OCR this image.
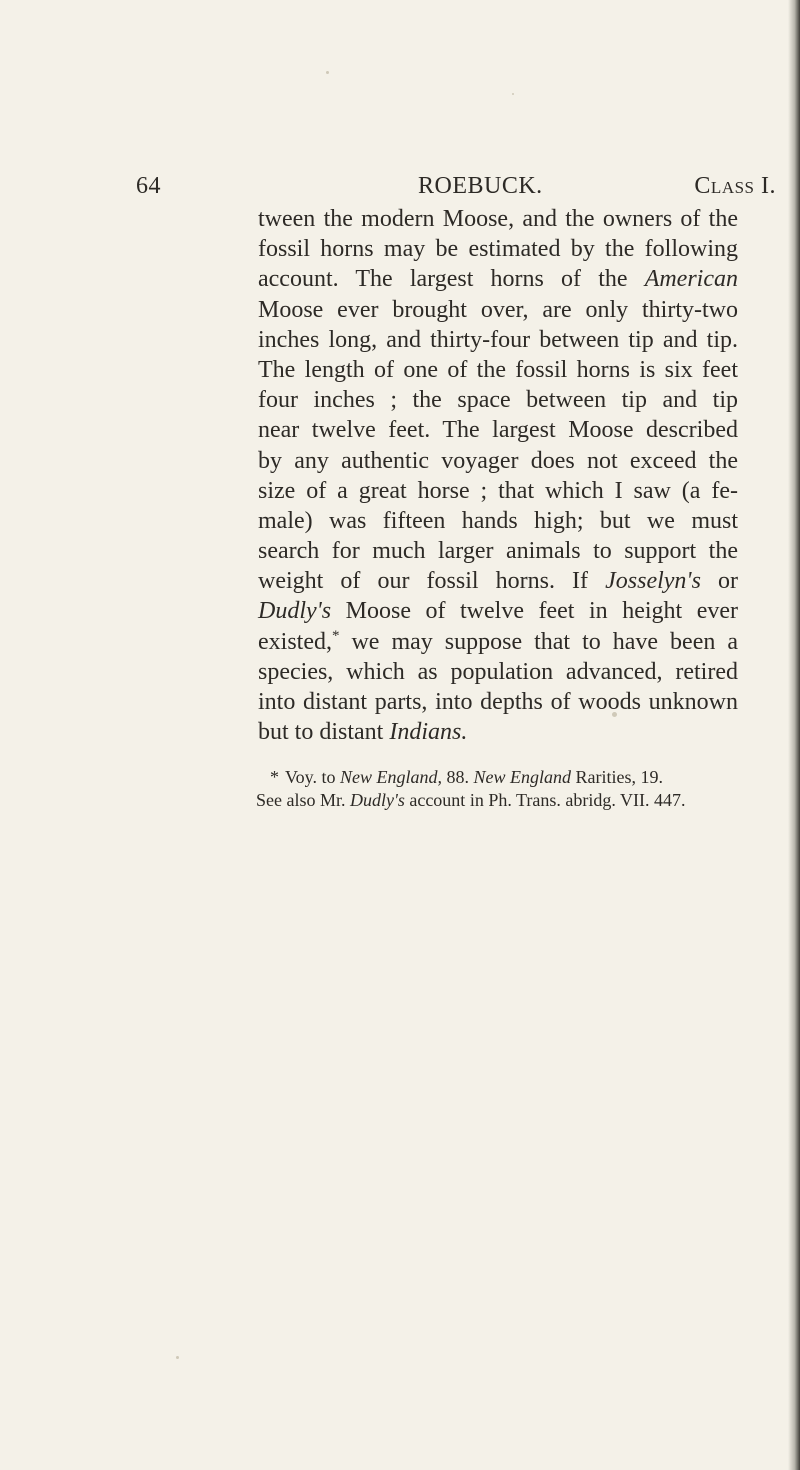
64	ROEBUCK.	Class I.
tween the modern Moose, and the owners of the
fossil horns may be estimated by the following
account. The largest horns of the American
Moose ever brought over, are only thirty-two
inches long, and thirty-four between tip and tip.
The length of one of the fossil horns is six feet
four inches ; the space between tip and tip
near twelve feet. The largest Moose described
by any authentic voyager does not exceed the
size of a great horse ; that which I saw (a fe-
male) was fifteen hands high; but we must
search for much larger animals to support the
weight of our fossil horns. If Josselyn's or
Dudly's Moose of twelve feet in height ever
existed,* we may suppose that to have been a
species, which as population advanced, retired
into distant parts, into depths of woods unknown
but to distant Indians.
* Voy. to New England, 88. New England Rarities, 19.
See also Mr. Dudly's account in Ph. Trans. abridg. VII. 447.
